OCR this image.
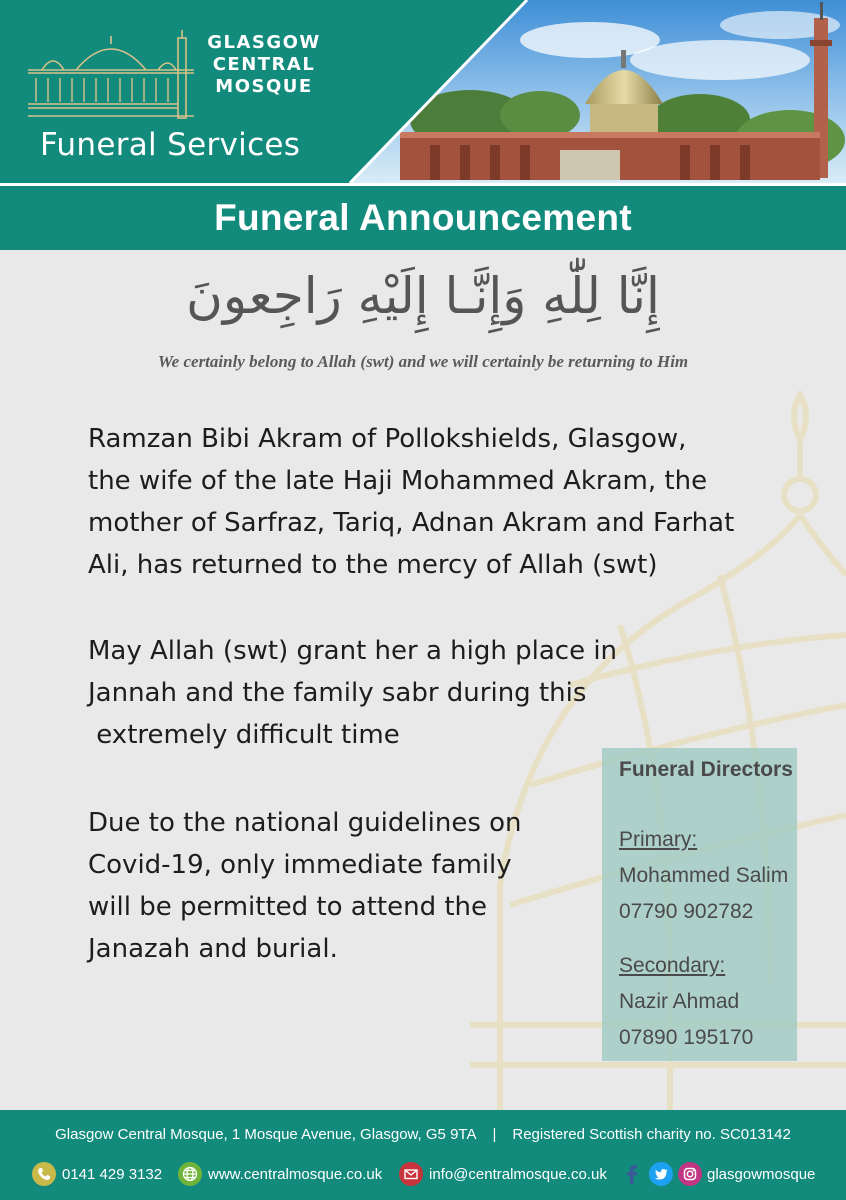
GLASGOW
CENTRAL
MOSQUE
Funeral Services
Funeral Announcement
إِنَّا لِلّٰهِ وَإِنَّـا إِلَيْهِ رَاجِعونَ
We certainly belong to Allah (swt) and we will certainly be returning to Him
Ramzan Bibi Akram of Pollokshields, Glasgow,
the wife of the late Haji Mohammed Akram, the
mother of Sarfraz, Tariq, Adnan Akram and Farhat
Ali, has returned to the mercy of Allah (swt)
May Allah (swt) grant her a high place in
Jannah and the family sabr during this
extremely difficult time
Due to the national guidelines on
Covid-19, only immediate family
will be permitted to attend the
Janazah and burial.
Funeral Directors
Primary:
Mohammed Salim
07790 902782
Secondary:
Nazir Ahmad
07890 195170
Glasgow Central Mosque, 1 Mosque Avenue, Glasgow, G5 9TA | Registered Scottish charity no. SC013142
0141 429 3132	www.centralmosque.co.uk	info@centralmosque.co.uk	glasgowmosque
